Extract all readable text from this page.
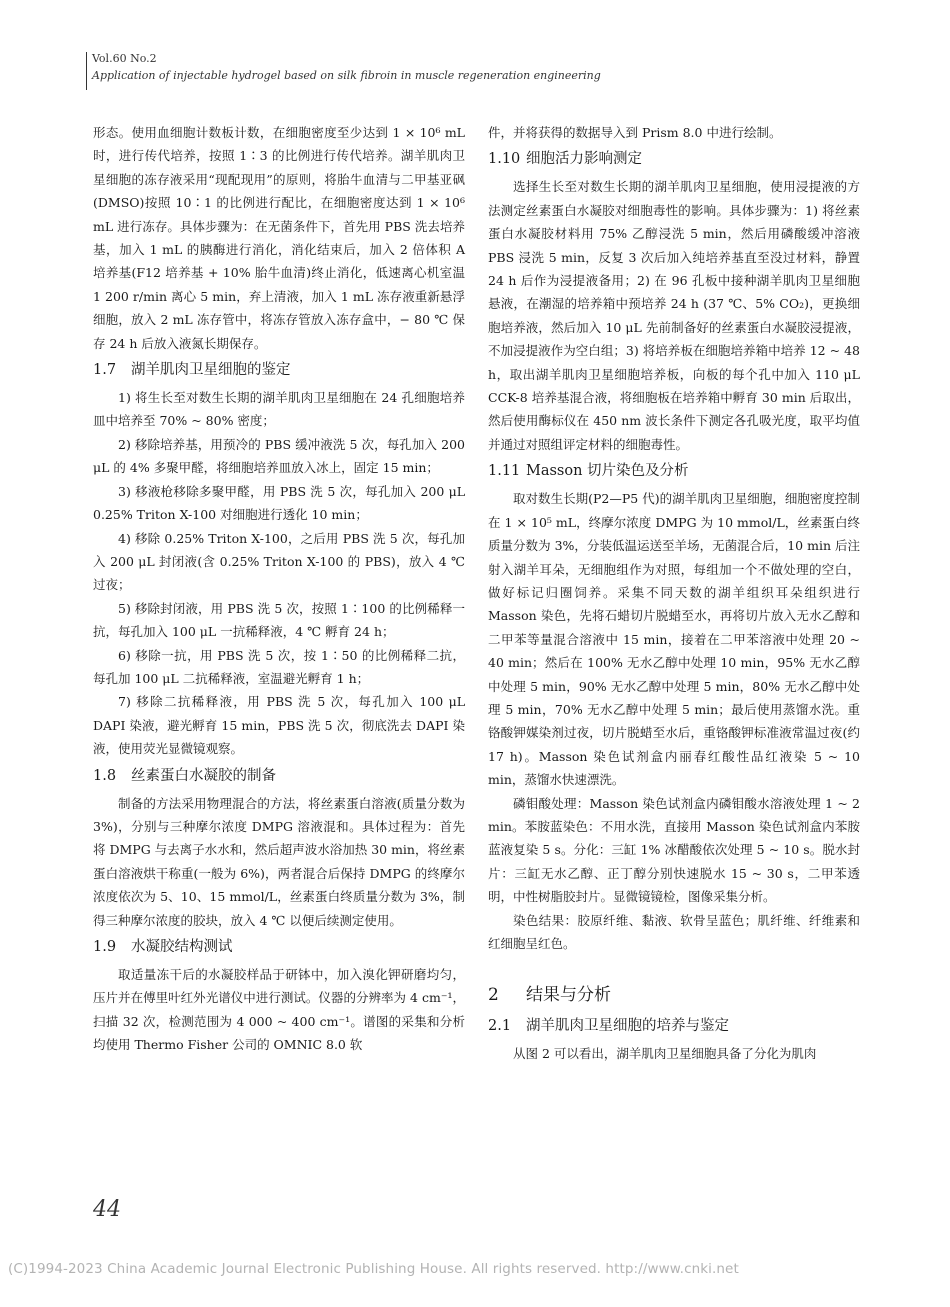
Vol.60 No.2
Application of injectable hydrogel based on silk fibroin in muscle regeneration engineering

形态。使用血细胞计数板计数，在细胞密度至少达到 1 × 10⁶ mL 时，进行传代培养，按照 1∶3 的比例进行传代培养。湖羊肌肉卫星细胞的冻存液采用“现配现用”的原则，将胎牛血清与二甲基亚砜(DMSO)按照 10∶1 的比例进行配比，在细胞密度达到 1 × 10⁶ mL 进行冻存。具体步骤为：在无菌条件下，首先用 PBS 洗去培养基，加入 1 mL 的胰酶进行消化，消化结束后，加入 2 倍体积 A 培养基(F12 培养基 + 10% 胎牛血清)终止消化，低速离心机室温 1 200 r/min 离心 5 min，弃上清液，加入 1 mL 冻存液重新悬浮细胞，放入 2 mL 冻存管中，将冻存管放入冻存盒中，− 80 ℃ 保存 24 h 后放入液氮长期保存。

1.7 湖羊肌肉卫星细胞的鉴定

1) 将生长至对数生长期的湖羊肌肉卫星细胞在 24 孔细胞培养皿中培养至 70% ~ 80% 密度；

2) 移除培养基，用预冷的 PBS 缓冲液洗 5 次，每孔加入 200 μL 的 4% 多聚甲醛，将细胞培养皿放入冰上，固定 15 min；

3) 移液枪移除多聚甲醛，用 PBS 洗 5 次，每孔加入 200 μL 0.25% Triton X-100 对细胞进行透化 10 min；

4) 移除 0.25% Triton X-100，之后用 PBS 洗 5 次，每孔加入 200 μL 封闭液(含 0.25% Triton X-100 的 PBS)，放入 4 ℃ 过夜；

5) 移除封闭液，用 PBS 洗 5 次，按照 1∶100 的比例稀释一抗，每孔加入 100 μL 一抗稀释液，4 ℃ 孵育 24 h；

6) 移除一抗，用 PBS 洗 5 次，按 1∶50 的比例稀释二抗，每孔加 100 μL 二抗稀释液，室温避光孵育 1 h；

7) 移除二抗稀释液，用 PBS 洗 5 次，每孔加入 100 μL DAPI 染液，避光孵育 15 min，PBS 洗 5 次，彻底洗去 DAPI 染液，使用荧光显微镜观察。

1.8 丝素蛋白水凝胶的制备

制备的方法采用物理混合的方法，将丝素蛋白溶液(质量分数为 3%)，分别与三种摩尔浓度 DMPG 溶液混和。具体过程为：首先将 DMPG 与去离子水水和，然后超声波水浴加热 30 min，将丝素蛋白溶液烘干称重(一般为 6%)，两者混合后保持 DMPG 的终摩尔浓度依次为 5、10、15 mmol/L，丝素蛋白终质量分数为 3%，制得三种摩尔浓度的胶块，放入 4 ℃ 以便后续测定使用。

1.9 水凝胶结构测试

取适量冻干后的水凝胶样品于研钵中，加入溴化钾研磨均匀，压片并在傅里叶红外光谱仪中进行测试。仪器的分辨率为 4 cm⁻¹，扫描 32 次，检测范围为 4 000 ~ 400 cm⁻¹。谱图的采集和分析均使用 Thermo Fisher 公司的 OMNIC 8.0 软

件，并将获得的数据导入到 Prism 8.0 中进行绘制。

1.10 细胞活力影响测定

选择生长至对数生长期的湖羊肌肉卫星细胞，使用浸提液的方法测定丝素蛋白水凝胶对细胞毒性的影响。具体步骤为：1) 将丝素蛋白水凝胶材料用 75% 乙醇浸洗 5 min，然后用磷酸缓冲溶液 PBS 浸洗 5 min，反复 3 次后加入纯培养基直至没过材料，静置 24 h 后作为浸提液备用；2) 在 96 孔板中接种湖羊肌肉卫星细胞悬液，在潮湿的培养箱中预培养 24 h (37 ℃、5% CO₂)，更换细胞培养液，然后加入 10 μL 先前制备好的丝素蛋白水凝胶浸提液，不加浸提液作为空白组；3) 将培养板在细胞培养箱中培养 12 ~ 48 h，取出湖羊肌肉卫星细胞培养板，向板的每个孔中加入 110 μL CCK-8 培养基混合液，将细胞板在培养箱中孵育 30 min 后取出，然后使用酶标仪在 450 nm 波长条件下测定各孔吸光度，取平均值并通过对照组评定材料的细胞毒性。

1.11 Masson 切片染色及分析

取对数生长期(P2—P5 代)的湖羊肌肉卫星细胞，细胞密度控制在 1 × 10⁵ mL，终摩尔浓度 DMPG 为 10 mmol/L，丝素蛋白终质量分数为 3%，分装低温运送至羊场，无菌混合后，10 min 后注射入湖羊耳朵，无细胞组作为对照，每组加一个不做处理的空白，做好标记归圈饲养。采集不同天数的湖羊组织耳朵组织进行 Masson 染色，先将石蜡切片脱蜡至水，再将切片放入无水乙醇和二甲苯等量混合溶液中 15 min，接着在二甲苯溶液中处理 20 ~ 40 min；然后在 100% 无水乙醇中处理 10 min，95% 无水乙醇中处理 5 min，90% 无水乙醇中处理 5 min，80% 无水乙醇中处理 5 min，70% 无水乙醇中处理 5 min；最后使用蒸馏水洗。重铬酸钾媒染剂过夜，切片脱蜡至水后，重铬酸钾标准液常温过夜(约 17 h)。Masson 染色试剂盒内丽春红酸性品红液染 5 ~ 10 min，蒸馏水快速漂洗。

磷钼酸处理：Masson 染色试剂盒内磷钼酸水溶液处理 1 ~ 2 min。苯胺蓝染色：不用水洗，直接用 Masson 染色试剂盒内苯胺蓝液复染 5 s。分化：三缸 1% 冰醋酸依次处理 5 ~ 10 s。脱水封片：三缸无水乙醇、正丁醇分别快速脱水 15 ~ 30 s，二甲苯透明，中性树脂胶封片。显微镜镜检，图像采集分析。

染色结果：胶原纤维、黏液、软骨呈蓝色；肌纤维、纤维素和红细胞呈红色。

2 结果与分析
2.1 湖羊肌肉卫星细胞的培养与鉴定

从图 2 可以看出，湖羊肌肉卫星细胞具备了分化为肌肉

44
(C)1994-2023 China Academic Journal Electronic Publishing House. All rights reserved. http://www.cnki.net
